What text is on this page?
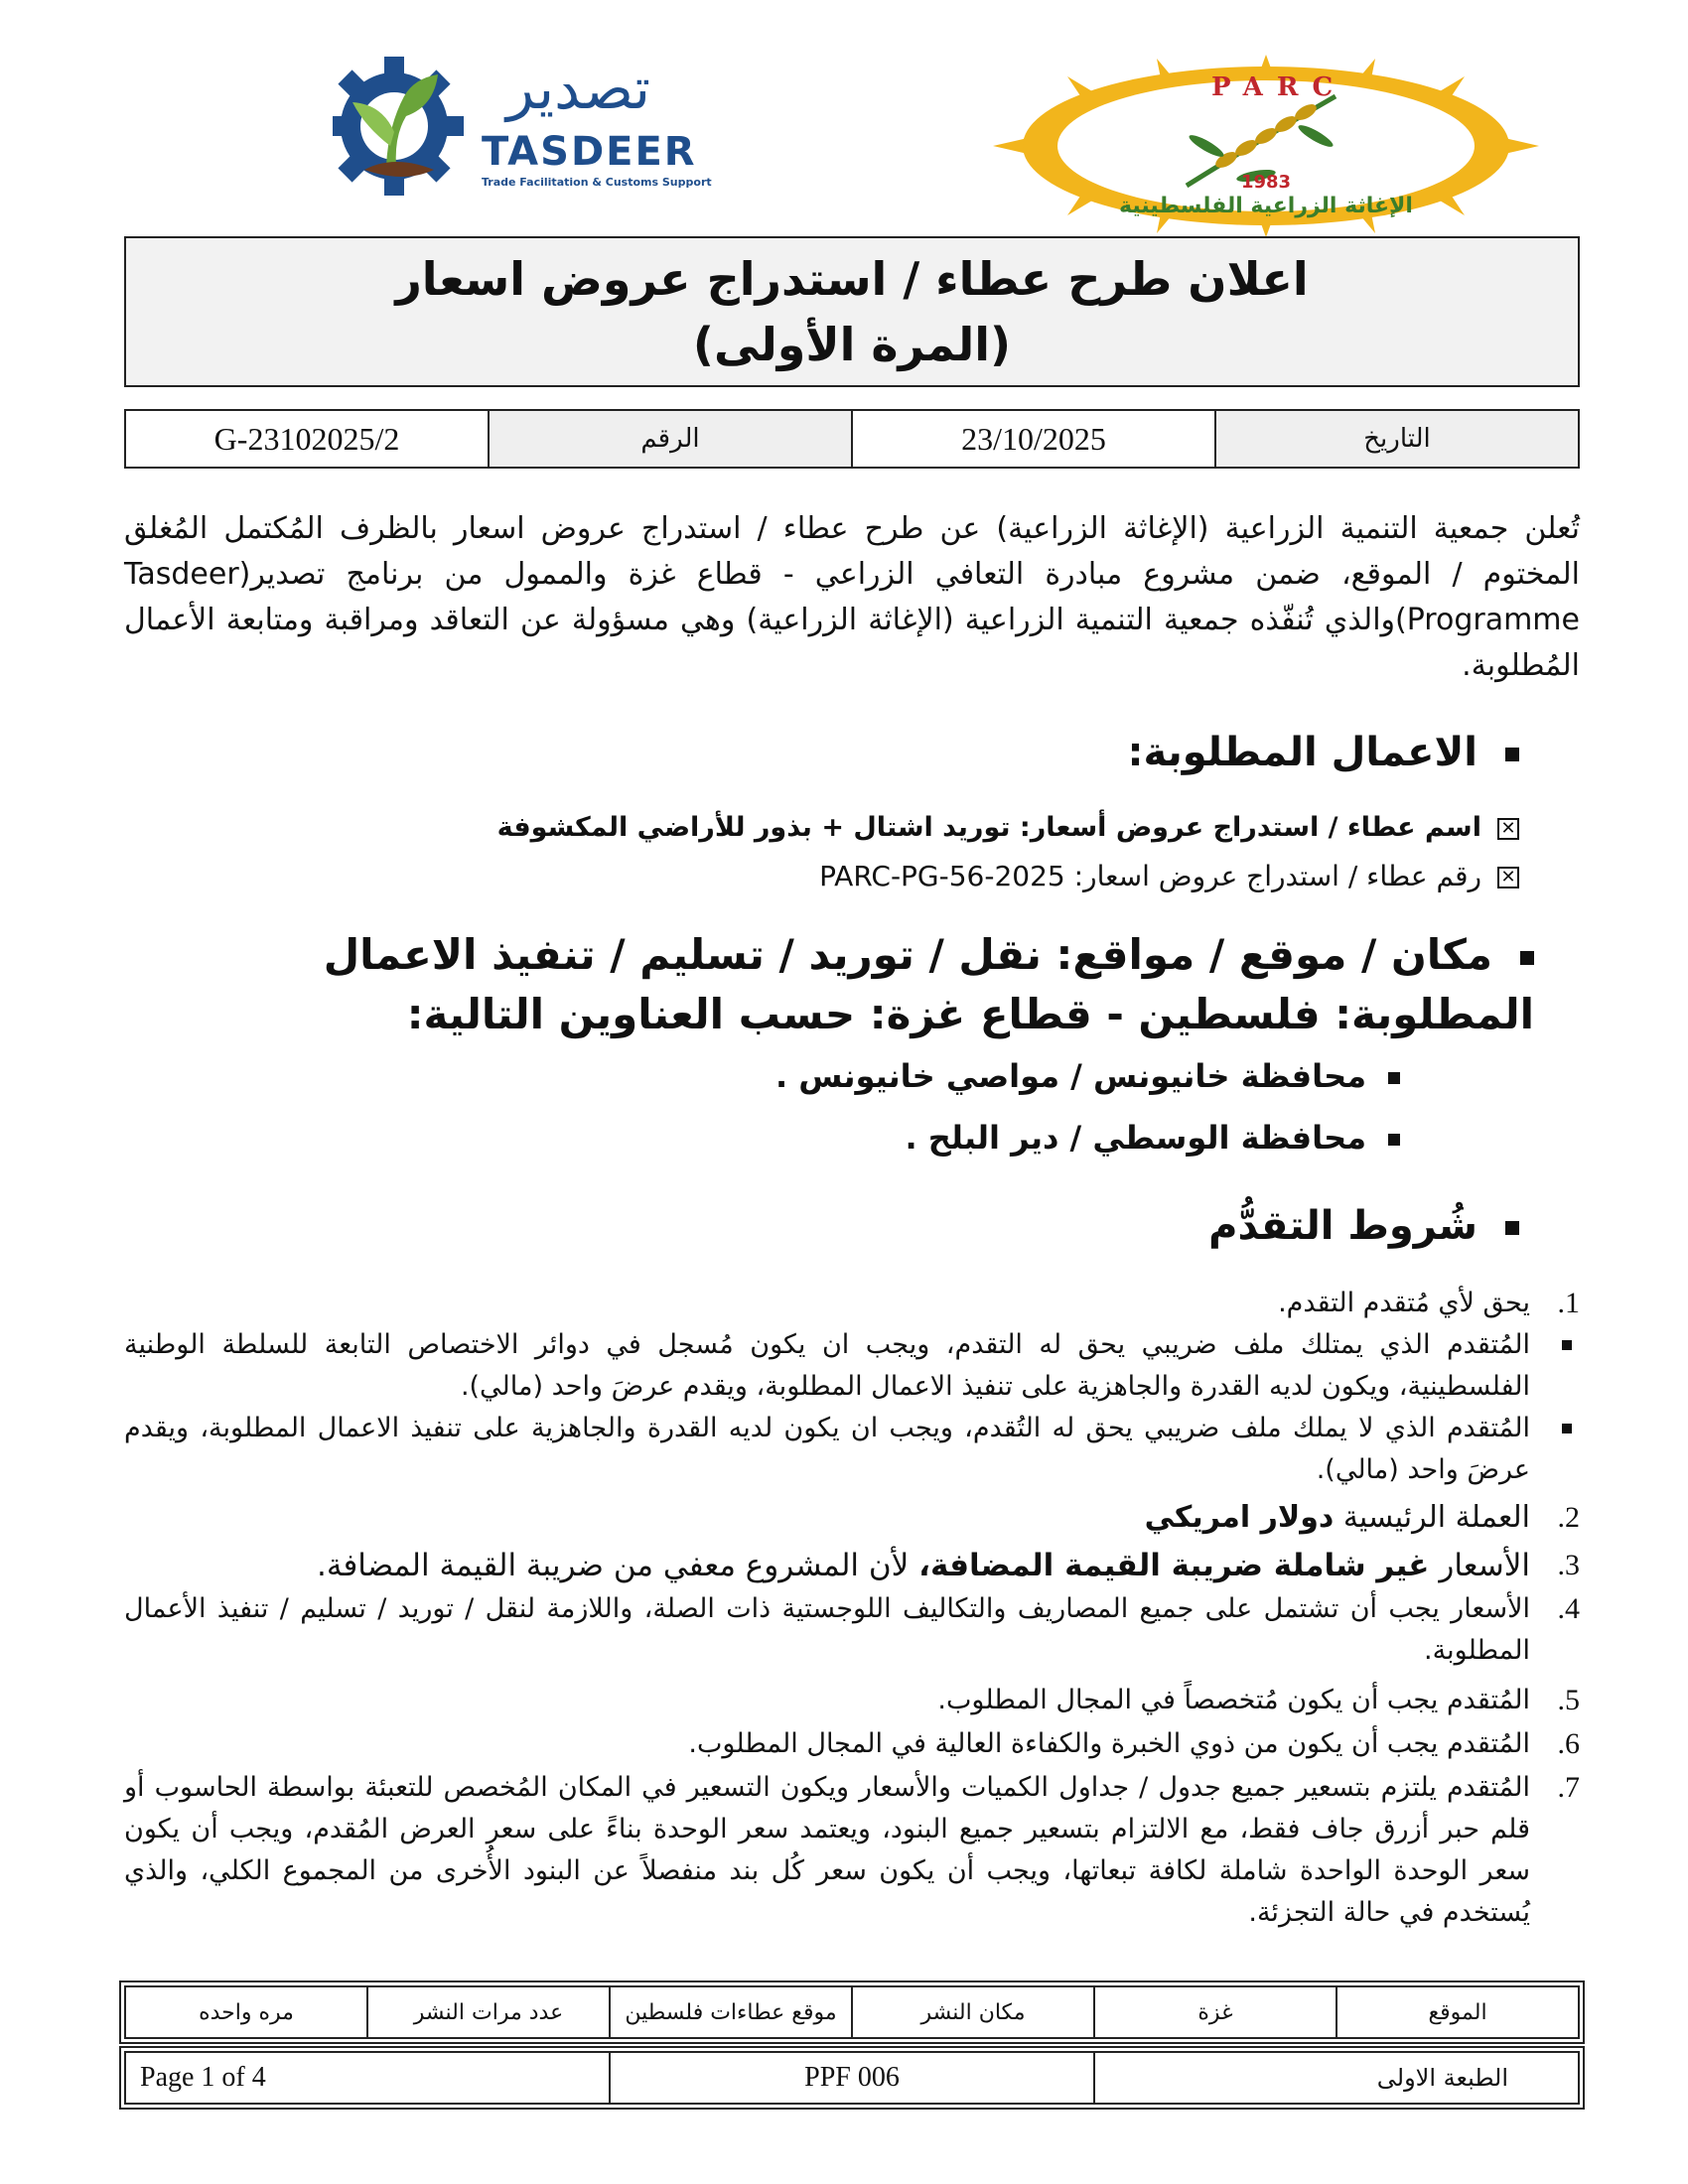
تصدير
TASDEER
Trade Facilitation & Customs Support
PARC
1983
الإغاثة الزراعية الفلسطينية
اعلان طرح عطاء / استدراج عروض اسعار
(المرة الأولى)
التاريخ	23/10/2025	الرقم	G-23102025/2
تُعلن جمعية التنمية الزراعية (الإغاثة الزراعية) عن طرح عطاء / استدراج عروض اسعار بالظرف المُكتمل المُغلق المختوم / الموقع، ضمن مشروع مبادرة التعافي الزراعي - قطاع غزة والممول من برنامج تصدير(Tasdeer Programme)والذي تُنفّذه جمعية التنمية الزراعية (الإغاثة الزراعية) وهي مسؤولة عن التعاقد ومراقبة ومتابعة الأعمال المُطلوبة.
الاعمال المطلوبة:
✕اسم عطاء / استدراج عروض أسعار: توريد اشتال + بذور للأراضي المكشوفة
✕رقم عطاء / استدراج عروض اسعار: PARC-PG-56-2025
مكان / موقع / مواقع: نقل / توريد / تسليم / تنفيذ الاعمال المطلوبة: فلسطين - قطاع غزة: حسب العناوين التالية:
محافظة خانيونس / مواصي خانيونس .
محافظة الوسطي / دير البلح .
شُروط التقدُّم
1.
يحق لأي مُتقدم التقدم.
المُتقدم الذي يمتلك ملف ضريبي يحق له التقدم، ويجب ان يكون مُسجل في دوائر الاختصاص التابعة للسلطة الوطنية الفلسطينية، ويكون لديه القدرة والجاهزية على تنفيذ الاعمال المطلوبة، ويقدم عرضَ واحد (مالي).
المُتقدم الذي لا يملك ملف ضريبي يحق له التُقدم، ويجب ان يكون لديه القدرة والجاهزية على تنفيذ الاعمال المطلوبة، ويقدم عرضَ واحد (مالي).
2.
العملة الرئيسية دولار امريكي
3.
الأسعار غير شاملة ضريبة القيمة المضافة، لأن المشروع معفي من ضريبة القيمة المضافة.
4.
الأسعار يجب أن تشتمل على جميع المصاريف والتكاليف اللوجستية ذات الصلة، واللازمة لنقل / توريد / تسليم / تنفيذ الأعمال المطلوبة.
5.
المُتقدم يجب أن يكون مُتخصصاً في المجال المطلوب.
6.
المُتقدم يجب أن يكون من ذوي الخبرة والكفاءة العالية في المجال المطلوب.
7.
المُتقدم يلتزم بتسعير جميع جدول / جداول الكميات والأسعار ويكون التسعير في المكان المُخصص للتعبئة بواسطة الحاسوب أو قلم حبر أزرق جاف فقط، مع الالتزام بتسعير جميع البنود، ويعتمد سعر الوحدة بناءً على سعر العرض المُقدم، ويجب أن يكون سعر الوحدة الواحدة شاملة لكافة تبعاتها، ويجب أن يكون سعر كُل بند منفصلاً عن البنود الأُخرى من المجموع الكلي، والذي يُستخدم في حالة التجزئة.
الموقع	غزة	مكان النشر	موقع عطاءات فلسطين	عدد مرات النشر	مره واحده
الطبعة الاولى	PPF 006	Page 1 of 4
